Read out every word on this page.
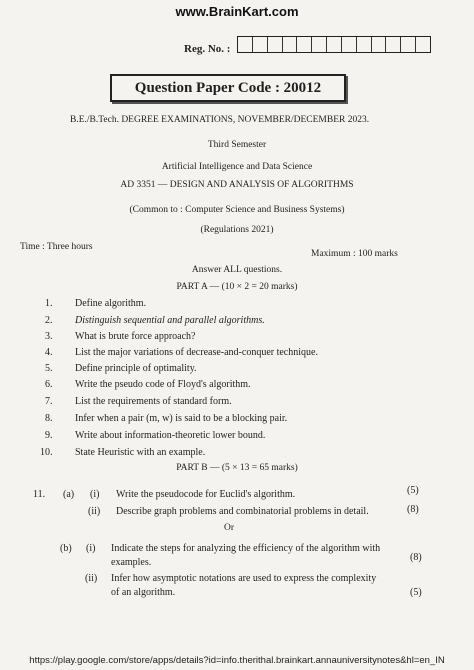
www.BrainKart.com
Reg. No. :
Question Paper Code : 20012
B.E./B.Tech. DEGREE EXAMINATIONS, NOVEMBER/DECEMBER 2023.
Third Semester
Artificial Intelligence and Data Science
AD 3351 — DESIGN AND ANALYSIS OF ALGORITHMS
(Common to : Computer Science and Business Systems)
(Regulations 2021)
Time : Three hours
Maximum : 100 marks
Answer ALL questions.
PART A — (10 × 2 = 20 marks)
1. Define algorithm.
2. Distinguish sequential and parallel algorithms.
3. What is brute force approach?
4. List the major variations of decrease-and-conquer technique.
5. Define principle of optimality.
6. Write the pseudo code of Floyd's algorithm.
7. List the requirements of standard form.
8. Infer when a pair (m, w) is said to be a blocking pair.
9. Write about information-theoretic lower bound.
10. State Heuristic with an example.
PART B — (5 × 13 = 65 marks)
11. (a) (i) Write the pseudocode for Euclid's algorithm.	(5)
(ii) Describe graph problems and combinatorial problems in detail.	(8)
Or
(b) (i) Indicate the steps for analyzing the efficiency of the algorithm with
examples.	(8)
(ii) Infer how asymptotic notations are used to express the complexity
of an algorithm.	(5)
https://play.google.com/store/apps/details?id=info.therithal.brainkart.annauniversitynotes&hl=en_IN
